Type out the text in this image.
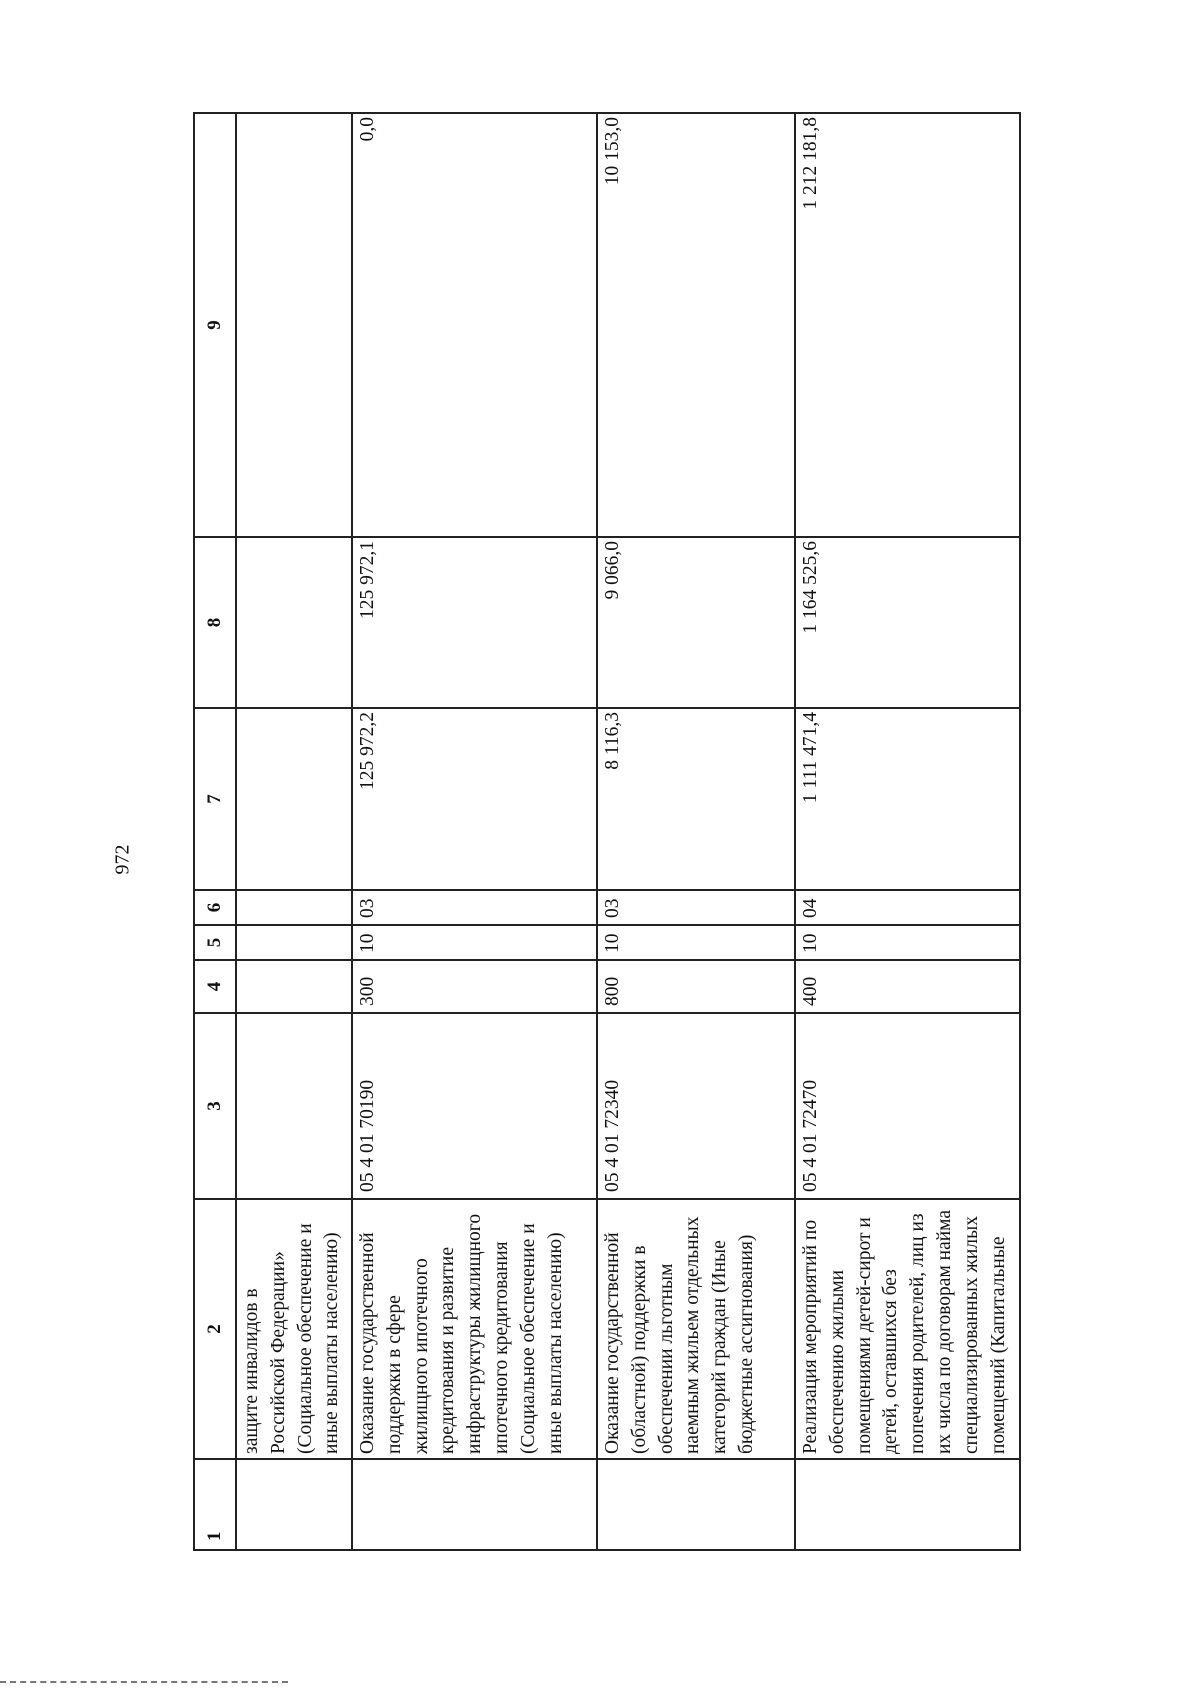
972
1	2	3	4	5	6	7	8	9
	защите инвалидов в Российской Федерации» (Социальное обеспечение и иные выплаты населению)							
	Оказание государственной поддержки в сфере жилищного ипотечного кредитования и развитие инфраструктуры жилищного ипотечного кредитования (Социальное обеспечение и иные выплаты населению)	05 4 01 70190	300	10	03	125 972,2	125 972,1	0,0
	Оказание государственной (областной) поддержки в обеспечении льготным наемным жильем отдельных категорий граждан (Иные бюджетные ассигнования)	05 4 01 72340	800	10	03	8 116,3	9 066,0	10 153,0
	Реализация мероприятий по обеспечению жилыми помещениями детей-сирот и детей, оставшихся без попечения родителей, лиц из их числа по договорам найма специализированных жилых помещений (Капитальные	05 4 01 72470	400	10	04	1 111 471,4	1 164 525,6	1 212 181,8
